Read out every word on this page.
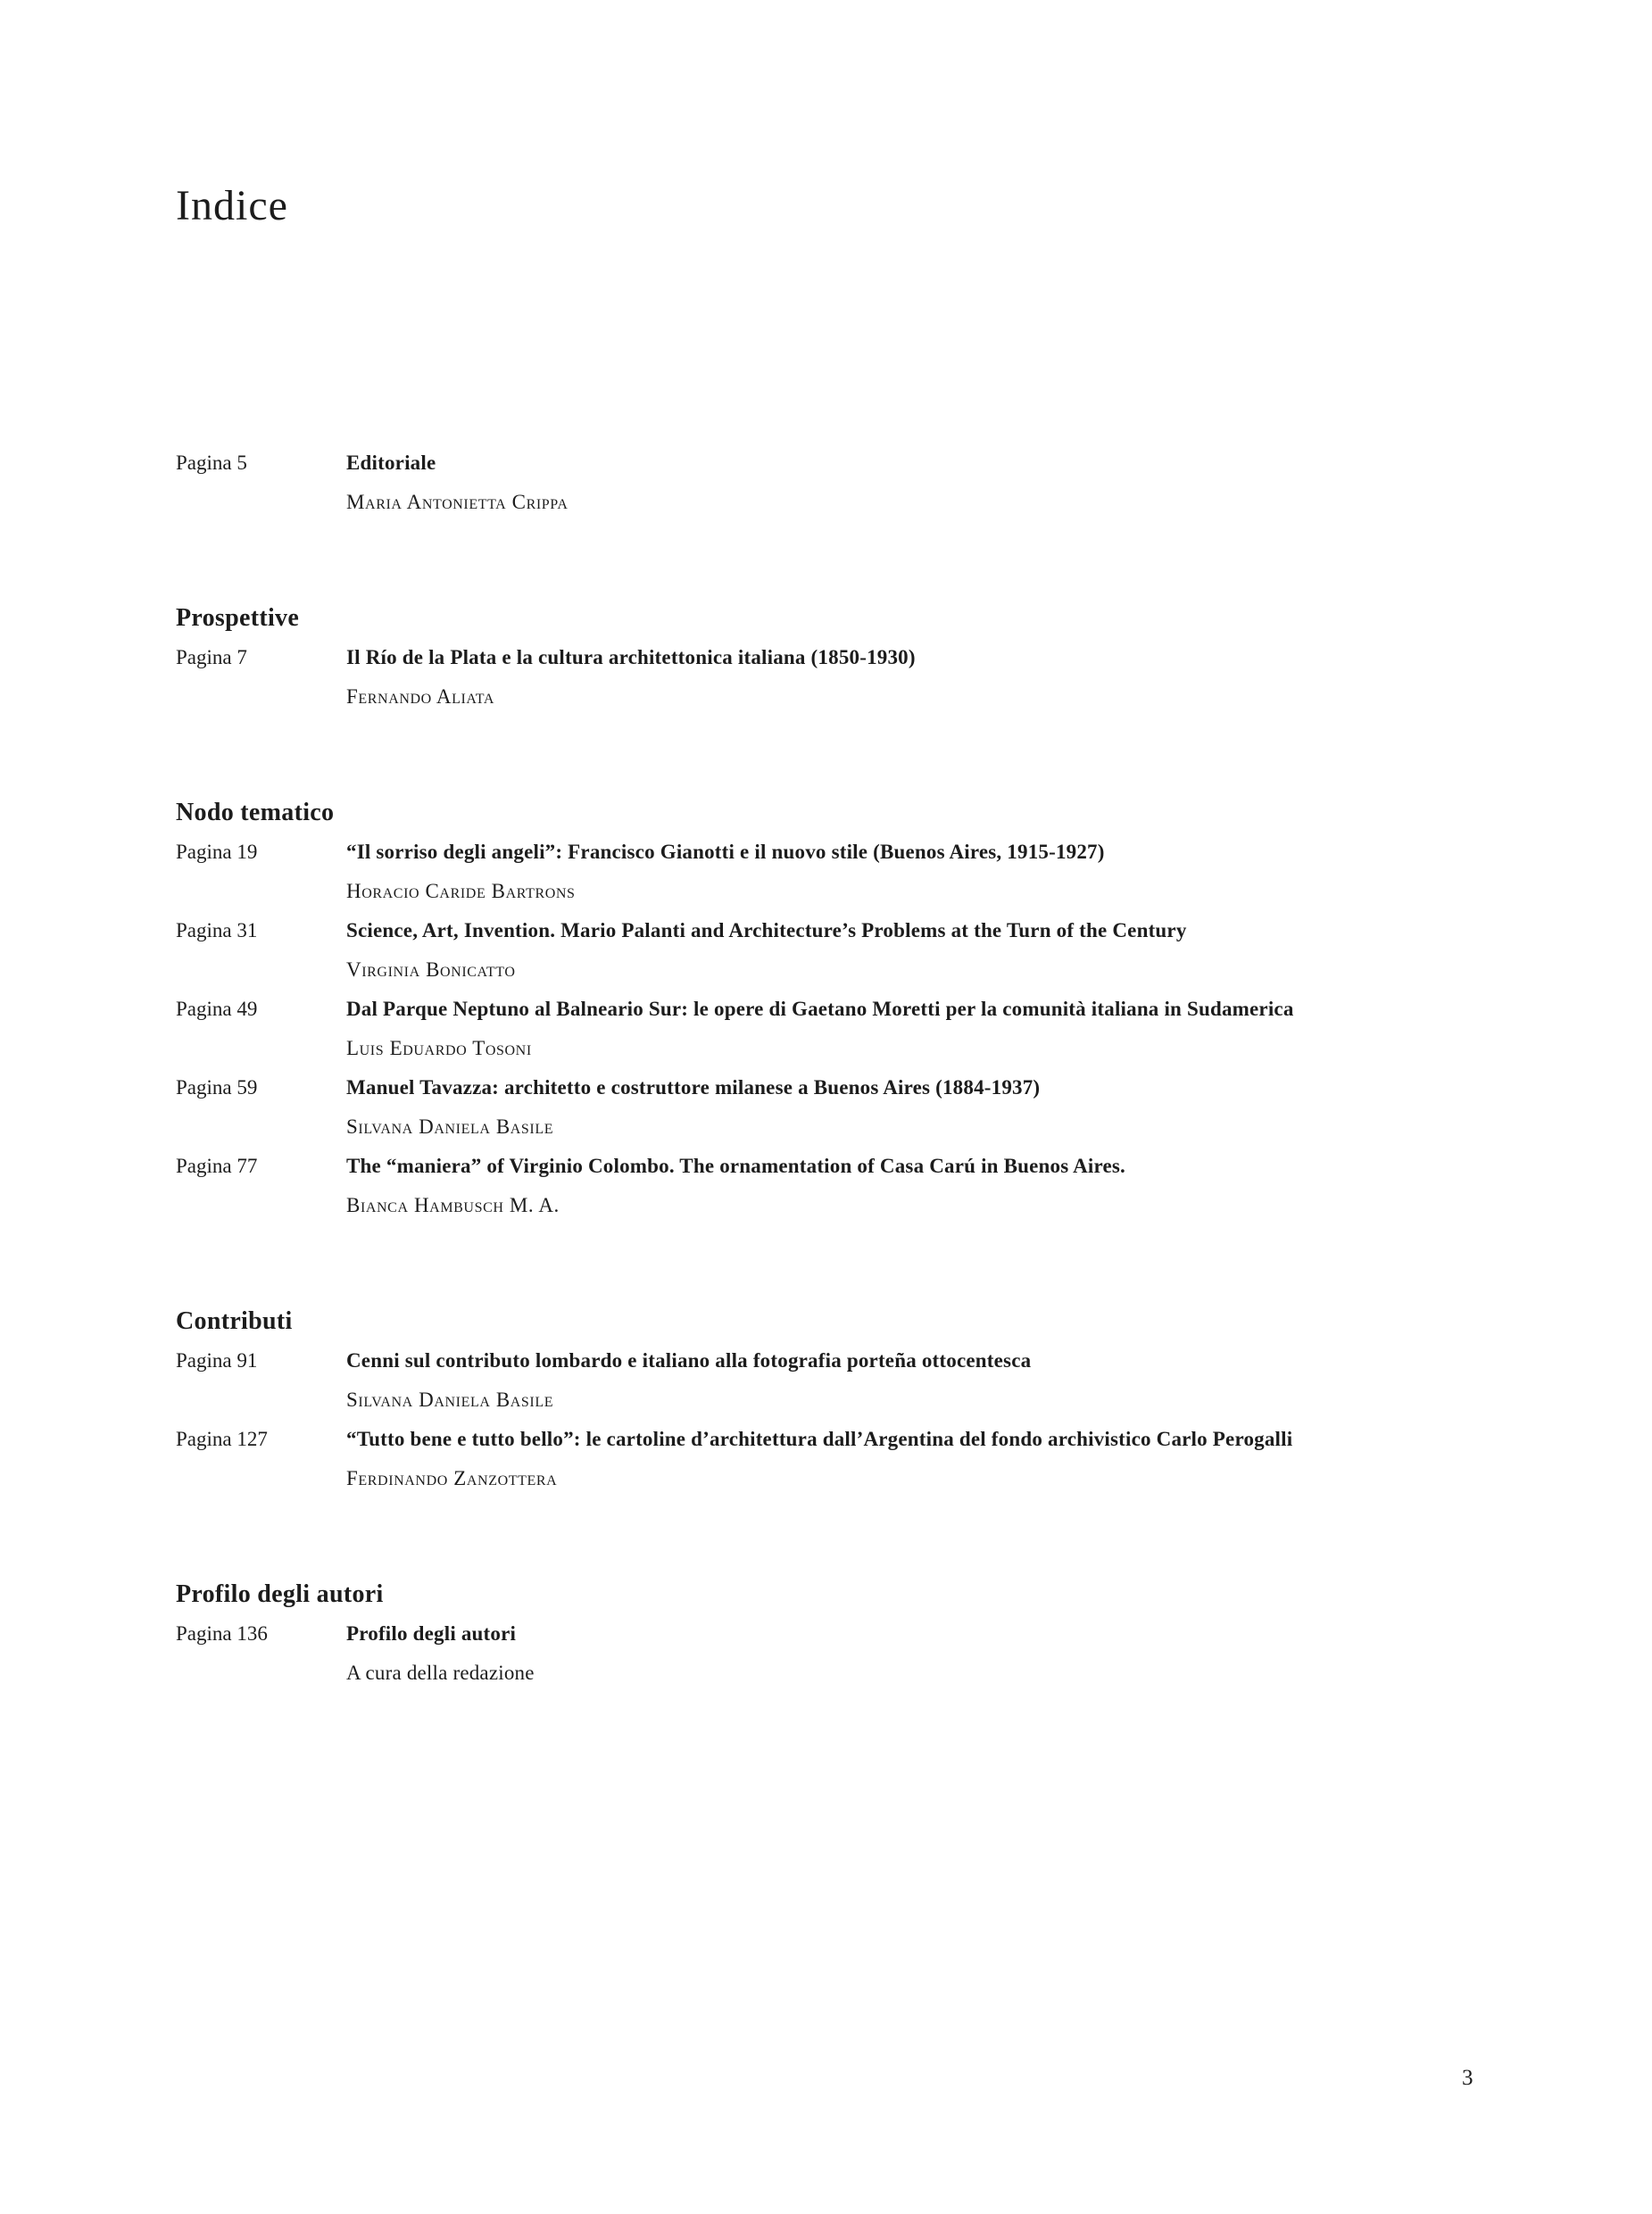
Indice
Pagina 5	Editoriale
Maria Antonietta Crippa
Prospettive
Pagina 7	Il Río de la Plata e la cultura architettonica italiana (1850-1930)
Fernando Aliata
Nodo tematico
Pagina 19	“Il sorriso degli angeli”: Francisco Gianotti e il nuovo stile (Buenos Aires, 1915-1927)
Horacio Caride Bartrons
Pagina 31	Science, Art, Invention. Mario Palanti and Architecture’s Problems at the Turn of the Century
Virginia Bonicatto
Pagina 49	Dal Parque Neptuno al Balneario Sur: le opere di Gaetano Moretti per la comunità italiana in Sudamerica
Luis Eduardo Tosoni
Pagina 59	Manuel Tavazza: architetto e costruttore milanese a Buenos Aires (1884-1937)
Silvana Daniela Basile
Pagina 77	The “maniera” of Virginio Colombo. The ornamentation of Casa Carú in Buenos Aires.
Bianca Hambusch M. A.
Contributi
Pagina 91	Cenni sul contributo lombardo e italiano alla fotografia porteña ottocentesca
Silvana Daniela Basile
Pagina 127	“Tutto bene e tutto bello”: le cartoline d’architettura dall’Argentina del fondo archivistico Carlo Perogalli
Ferdinando Zanzottera
Profilo degli autori
Pagina 136	Profilo degli autori
A cura della redazione
3
